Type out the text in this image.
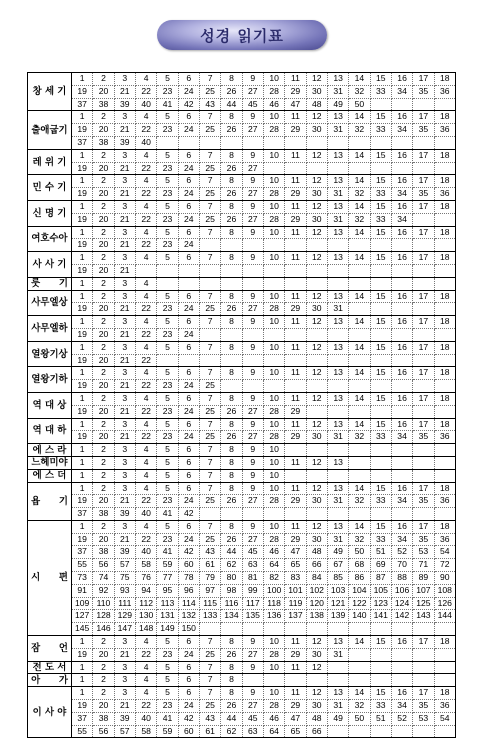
성경 읽기표
창 세 기	1	2	3	4	5	6	7	8	9	10	11	12	13	14	15	16	17	18
	19	20	21	22	23	24	25	26	27	28	29	30	31	32	33	34	35	36
	37	38	39	40	41	42	43	44	45	46	47	48	49	50				
출애굽기	1	2	3	4	5	6	7	8	9	10	11	12	13	14	15	16	17	18
	19	20	21	22	23	24	25	26	27	28	29	30	31	32	33	34	35	36
	37	38	39	40														
레 위 기	1	2	3	4	5	6	7	8	9	10	11	12	13	14	15	16	17	18
	19	20	21	22	23	24	25	26	27									
민 수 기	1	2	3	4	5	6	7	8	9	10	11	12	13	14	15	16	17	18
	19	20	21	22	23	24	25	26	27	28	29	30	31	32	33	34	35	36
신 명 기	1	2	3	4	5	6	7	8	9	10	11	12	13	14	15	16	17	18
	19	20	21	22	23	24	25	26	27	28	29	30	31	32	33	34		
여호수아	1	2	3	4	5	6	7	8	9	10	11	12	13	14	15	16	17	18
	19	20	21	22	23	24												
사 사 기	1	2	3	4	5	6	7	8	9	10	11	12	13	14	15	16	17	18
	19	20	21															
룻　　기	1	2	3	4														
사무엘상	1	2	3	4	5	6	7	8	9	10	11	12	13	14	15	16	17	18
	19	20	21	22	23	24	25	26	27	28	29	30	31					
사무엘하	1	2	3	4	5	6	7	8	9	10	11	12	13	14	15	16	17	18
	19	20	21	22	23	24												
열왕기상	1	2	3	4	5	6	7	8	9	10	11	12	13	14	15	16	17	18
	19	20	21	22														
열왕기하	1	2	3	4	5	6	7	8	9	10	11	12	13	14	15	16	17	18
	19	20	21	22	23	24	25											
역 대 상	1	2	3	4	5	6	7	8	9	10	11	12	13	14	15	16	17	18
	19	20	21	22	23	24	25	26	27	28	29							
역 대 하	1	2	3	4	5	6	7	8	9	10	11	12	13	14	15	16	17	18
	19	20	21	22	23	24	25	26	27	28	29	30	31	32	33	34	35	36
에 스 라	1	2	3	4	5	6	7	8	9	10								
느헤미야	1	2	3	4	5	6	7	8	9	10	11	12	13					
에 스 더	1	2	3	4	5	6	7	8	9	10								
욥　　기	1	2	3	4	5	6	7	8	9	10	11	12	13	14	15	16	17	18
	19	20	21	22	23	24	25	26	27	28	29	30	31	32	33	34	35	36
	37	38	39	40	41	42												
시　　편	1	2	3	4	5	6	7	8	9	10	11	12	13	14	15	16	17	18
	19	20	21	22	23	24	25	26	27	28	29	30	31	32	33	34	35	36
	37	38	39	40	41	42	43	44	45	46	47	48	49	50	51	52	53	54
	55	56	57	58	59	60	61	62	63	64	65	66	67	68	69	70	71	72
	73	74	75	76	77	78	79	80	81	82	83	84	85	86	87	88	89	90
	91	92	93	94	95	96	97	98	99	100	101	102	103	104	105	106	107	108
	109	110	111	112	113	114	115	116	117	118	119	120	121	122	123	124	125	126
	127	128	129	130	131	132	133	134	135	136	137	138	139	140	141	142	143	144
	145	146	147	148	149	150												
잠　　언	1	2	3	4	5	6	7	8	9	10	11	12	13	14	15	16	17	18
	19	20	21	22	23	24	25	26	27	28	29	30	31					
전 도 서	1	2	3	4	5	6	7	8	9	10	11	12						
아　　가	1	2	3	4	5	6	7	8										
이 사 야	1	2	3	4	5	6	7	8	9	10	11	12	13	14	15	16	17	18
	19	20	21	22	23	24	25	26	27	28	29	30	31	32	33	34	35	36
	37	38	39	40	41	42	43	44	45	46	47	48	49	50	51	52	53	54
	55	56	57	58	59	60	61	62	63	64	65	66						
